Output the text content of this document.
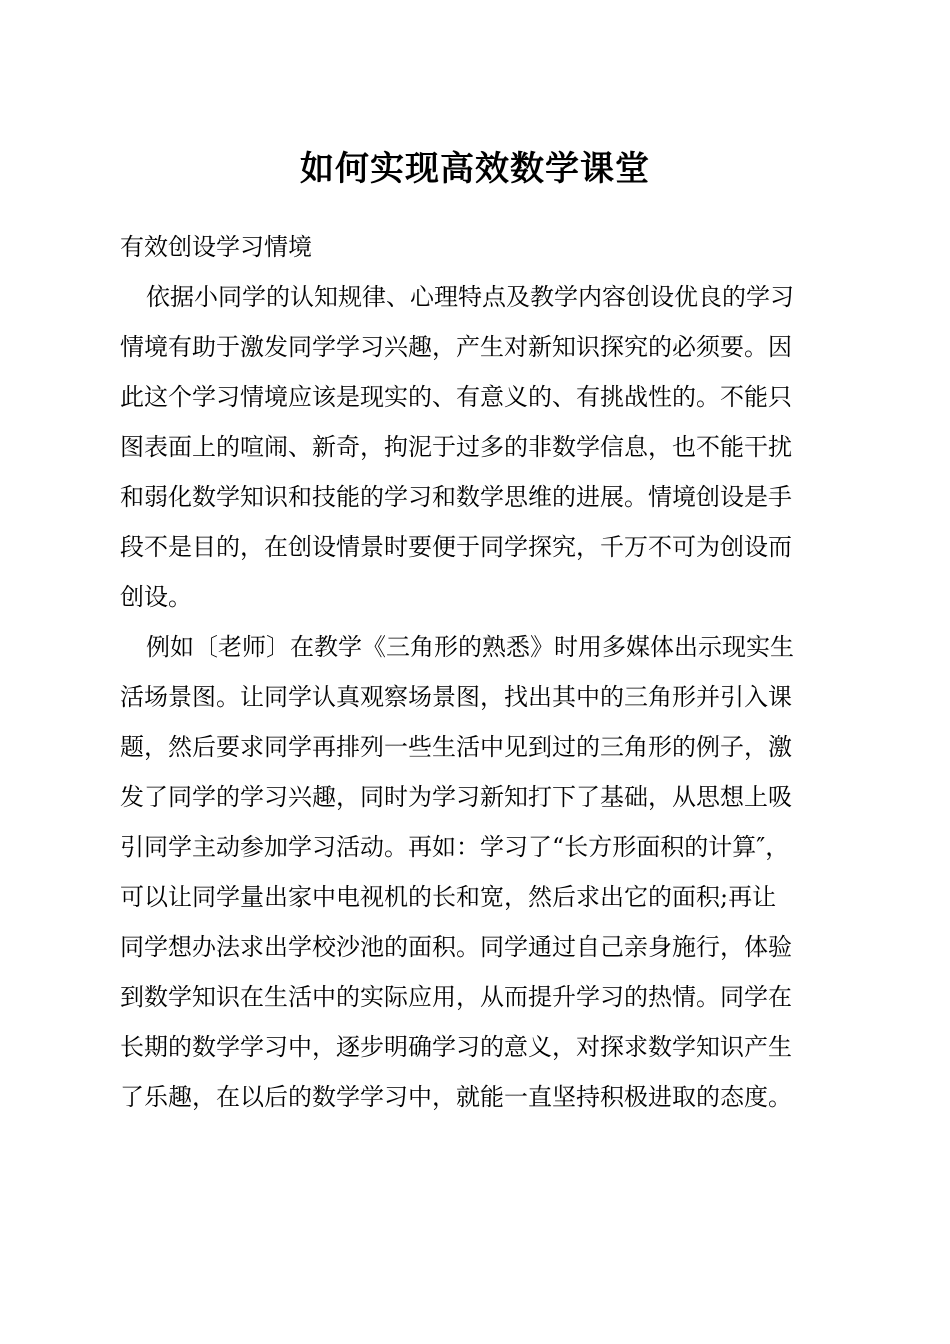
如何实现高效数学课堂
有效创设学习情境
依据小同学的认知规律、心理特点及教学内容创设优良的学习
情境有助于激发同学学习兴趣，产生对新知识探究的必须要。因
此这个学习情境应该是现实的、有意义的、有挑战性的。不能只
图表面上的喧闹、新奇，拘泥于过多的非数学信息，也不能干扰
和弱化数学知识和技能的学习和数学思维的进展。情境创设是手
段不是目的，在创设情景时要便于同学探究，千万不可为创设而
创设。
例如〔老师〕在教学《三角形的熟悉》时用多媒体出示现实生
活场景图。让同学认真观察场景图，找出其中的三角形并引入课
题，然后要求同学再排列一些生活中见到过的三角形的例子，激
发了同学的学习兴趣，同时为学习新知打下了基础，从思想上吸
引同学主动参加学习活动。再如：学习了“长方形面积的计算″，
可以让同学量出家中电视机的长和宽，然后求出它的面积;再让
同学想办法求出学校沙池的面积。同学通过自己亲身施行，体验
到数学知识在生活中的实际应用，从而提升学习的热情。同学在
长期的数学学习中，逐步明确学习的意义，对探求数学知识产生
了乐趣，在以后的数学学习中，就能一直坚持积极进取的态度。
